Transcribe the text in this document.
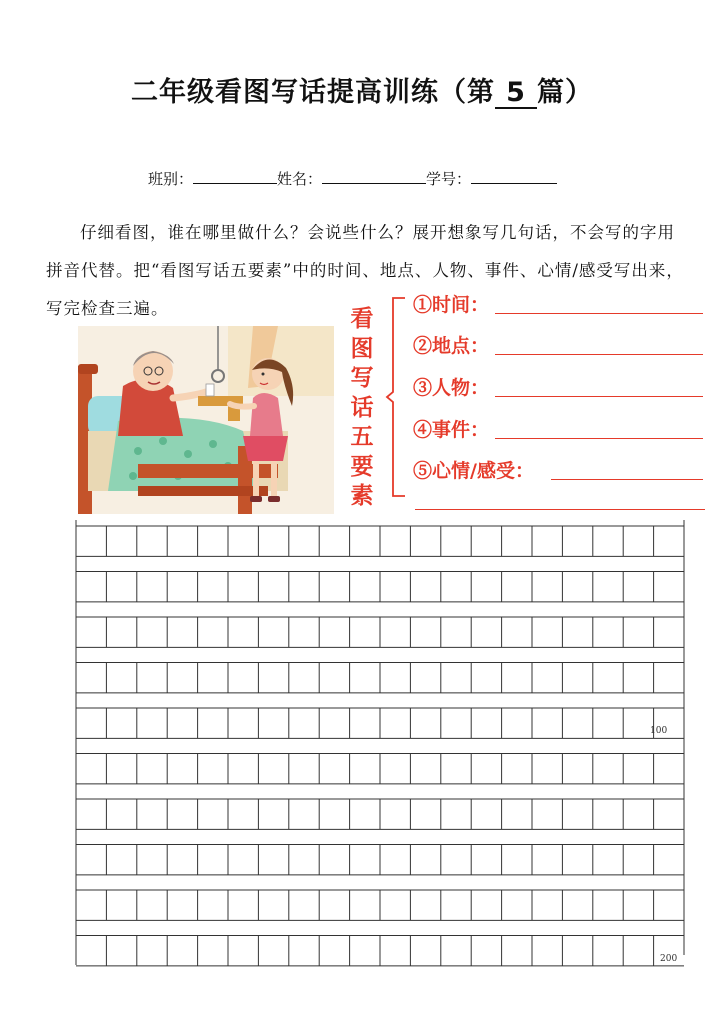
二年级看图写话提高训练（第 5 篇）
班别：	姓名：	学号：
仔细看图，谁在哪里做什么？会说些什么？展开想象写几句话，不会写的字用拼音代替。把“看图写话五要素”中的时间、地点、人物、事件、心情/感受写出来，写完检查三遍。	看
图
写
话
五
要
素
①时间：
②地点：
③人物：
④事件：
⑤心情/感受：
100
200
